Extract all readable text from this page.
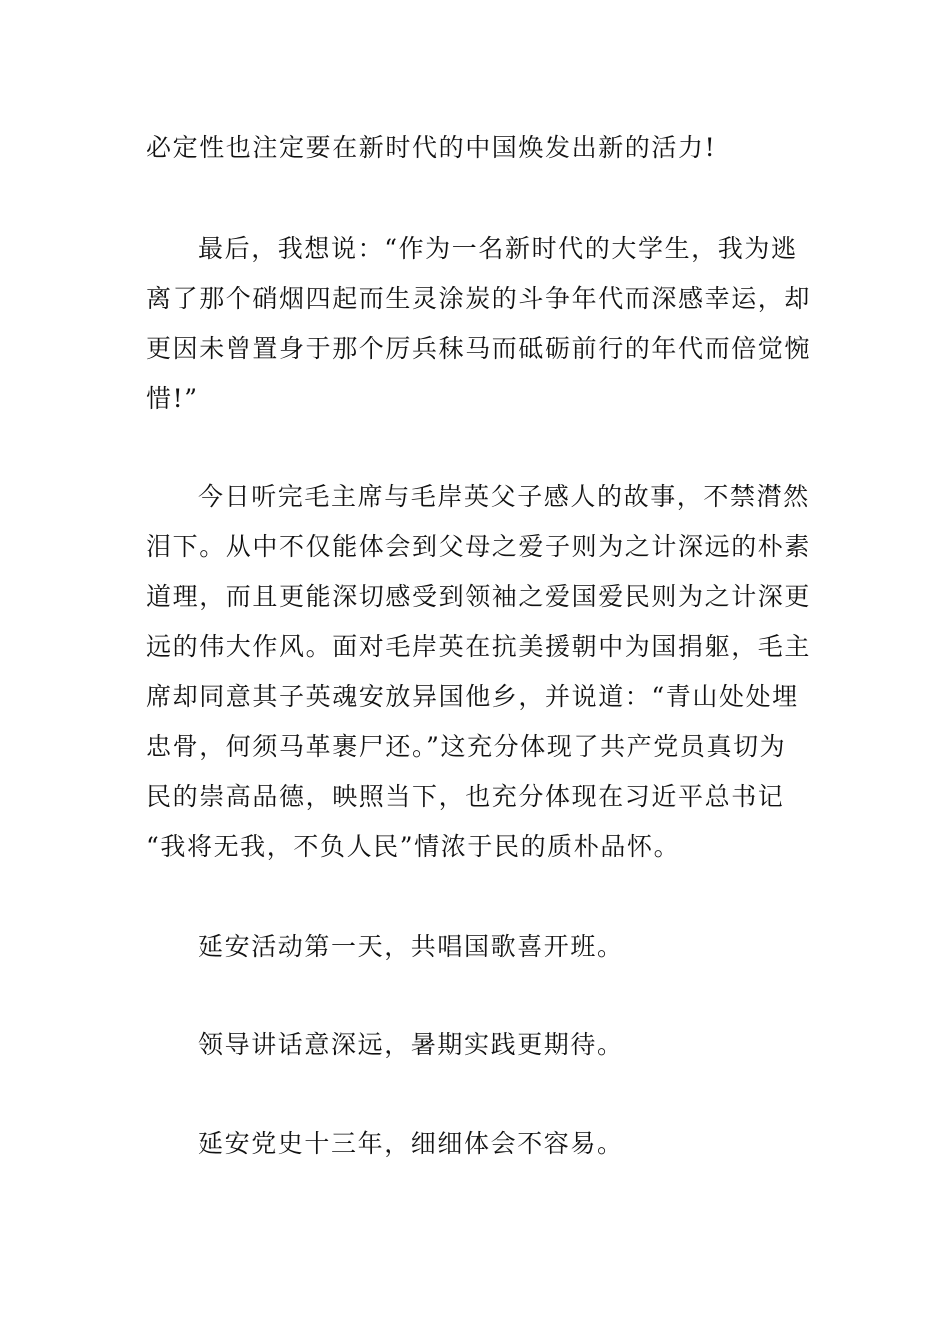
必定性也注定要在新时代的中国焕发出新的活力!

最后，我想说：“作为一名新时代的大学生，我为逃
离了那个硝烟四起而生灵涂炭的斗争年代而深感幸运，却
更因未曾置身于那个厉兵秣马而砥砺前行的年代而倍觉惋
惜!”

今日听完毛主席与毛岸英父子感人的故事，不禁潸然
泪下。从中不仅能体会到父母之爱子则为之计深远的朴素
道理，而且更能深切感受到领袖之爱国爱民则为之计深更
远的伟大作风。面对毛岸英在抗美援朝中为国捐躯，毛主
席却同意其子英魂安放异国他乡，并说道：“青山处处埋
忠骨，何须马革裹尸还。”这充分体现了共产党员真切为
民的崇高品德，映照当下，也充分体现在习近平总书记
“我将无我，不负人民”情浓于民的质朴品怀。

延安活动第一天，共唱国歌喜开班。

领导讲话意深远，暑期实践更期待。

延安党史十三年，细细体会不容易。
